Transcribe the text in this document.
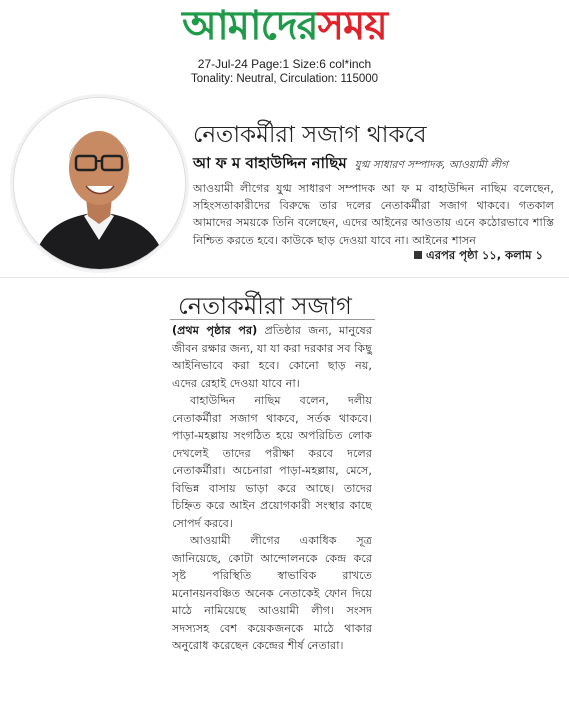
আমাদেরসময়
27-Jul-24 Page:1 Size:6 col*inch
Tonality: Neutral, Circulation: 115000
নেতাকর্মীরা সজাগ থাকবে
আ ফ ম বাহাউদ্দিন নাছিম যুগ্ম সাধারণ সম্পাদক, আওয়ামী লীগ

আওয়ামী লীগের যুগ্ম সাধারণ সম্পাদক আ ফ ম বাহাউদ্দিন নাছিম বলেছেন, সহিংসতাকারীদের বিরুদ্ধে তার দলের নেতাকর্মীরা সজাগ থাকবে। গতকাল আমাদের সময়কে তিনি বলেছেন, এদের আইনের আওতায় এনে কঠোরভাবে শাস্তি নিশ্চিত করতে হবে। কাউকে ছাড় দেওয়া যাবে না। আইনের শাসন

এরপর পৃষ্ঠা ১১, কলাম ১
নেতাকর্মীরা সজাগ

(প্রথম পৃষ্ঠার পর) প্রতিষ্ঠার জন্য, মানুষের জীবন রক্ষার জন্য, যা যা করা দরকার সব কিছু আইনিভাবে করা হবে। কোনো ছাড় নয়, এদের রেহাই দেওয়া যাবে না।

বাহাউদ্দিন নাছিম বলেন, দলীয় নেতাকর্মীরা সজাগ থাকবে, সর্তক থাকবে। পাড়া-মহল্লায় সংগঠিত হয়ে অপরিচিত লোক দেখলেই তাদের পরীক্ষা করবে দলের নেতাকর্মীরা। অচেনারা পাড়া-মহল্লায়, মেসে, বিভিন্ন বাসায় ভাড়া করে আছে। তাদের চিহ্নিত করে আইন প্রয়োগকারী সংস্থার কাছে সোপর্দ করবে।

আওয়ামী লীগের একাধিক সূত্র জানিয়েছে, কোটা আন্দোলনকে কেন্দ্র করে সৃষ্ট পরিস্থিতি স্বাভাবিক রাখতে মনোনয়নবঞ্চিত অনেক নেতাকেই ফোন দিয়ে মাঠে নামিয়েছে আওয়ামী লীগ। সংসদ সদস্যসহ বেশ কয়েকজনকে মাঠে থাকার অনুরোধ করেছেন কেন্দ্রের শীর্ষ নেতারা।
